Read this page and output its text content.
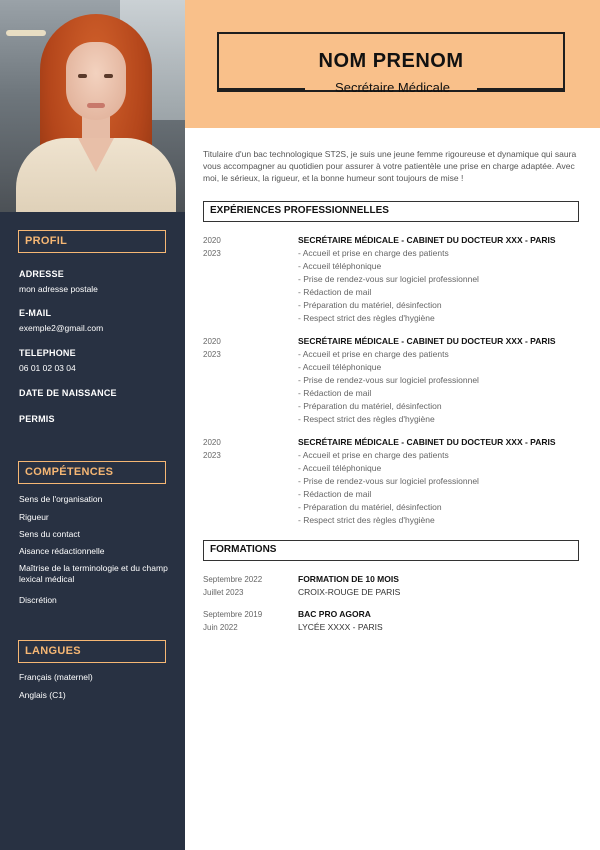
PROFIL
ADRESSE
mon adresse postale
E-MAIL
exemple2@gmail.com
TELEPHONE
06 01 02 03 04
DATE DE NAISSANCE
PERMIS
COMPÉTENCES
Sens de l'organisation
Rigueur
Sens du contact
Aisance rédactionnelle
Maîtrise de la terminologie et du champ lexical médical
Discrétion
LANGUES
Français (maternel)
Anglais (C1)
NOM PRENOM
Secrétaire Médicale
Titulaire d'un bac technologique ST2S, je suis une jeune femme rigoureuse et dynamique qui saura vous accompagner au quotidien pour assurer à votre patientèle une prise en charge adaptée. Avec moi, le sérieux, la rigueur, et la bonne humeur sont toujours de mise !
EXPÉRIENCES PROFESSIONNELLES
2020
2023
SECRÉTAIRE MÉDICALE - CABINET DU DOCTEUR XXX - PARIS
- Accueil et prise en charge des patients
- Accueil téléphonique
- Prise de rendez-vous sur logiciel professionnel
- Rédaction de mail
- Préparation du matériel, désinfection
- Respect strict des règles d'hygiène
2020
2023
SECRÉTAIRE MÉDICALE - CABINET DU DOCTEUR XXX - PARIS
- Accueil et prise en charge des patients
- Accueil téléphonique
- Prise de rendez-vous sur logiciel professionnel
- Rédaction de mail
- Préparation du matériel, désinfection
- Respect strict des règles d'hygiène
2020
2023
SECRÉTAIRE MÉDICALE - CABINET DU DOCTEUR XXX - PARIS
- Accueil et prise en charge des patients
- Accueil téléphonique
- Prise de rendez-vous sur logiciel professionnel
- Rédaction de mail
- Préparation du matériel, désinfection
- Respect strict des règles d'hygiène
FORMATIONS
Septembre 2022
Juillet 2023
FORMATION DE 10 MOIS
CROIX-ROUGE DE PARIS
Septembre 2019
Juin 2022
BAC PRO AGORA
LYCÉE XXXX - PARIS
